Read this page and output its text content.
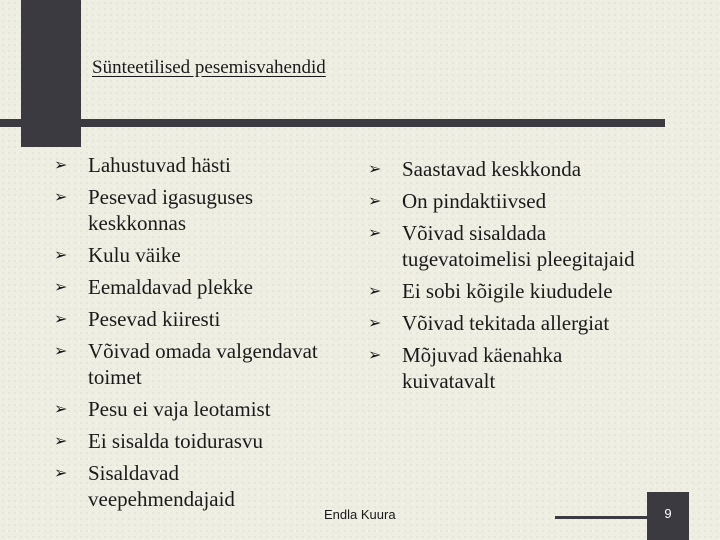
Sünteetilised pesemisvahendid
➢ Lahustuvad hästi
➢ Pesevad igasuguses keskkonnas
➢ Kulu väike
➢ Eemaldavad plekke
➢ Pesevad kiiresti
➢ Võivad omada valgendavat toimet
➢ Pesu ei vaja leotamist
➢ Ei sisalda toidurasvu
➢ Sisaldavad veepehmendajaid
➢ Saastavad keskkonda
➢ On pindaktiivsed
➢ Võivad sisaldada tugevatoimelisi pleegitajaid
➢ Ei sobi kõigile kiududele
➢ Võivad tekitada allergiat
➢ Mõjuvad käenahka kuivatavalt
Endla Kuura	9
